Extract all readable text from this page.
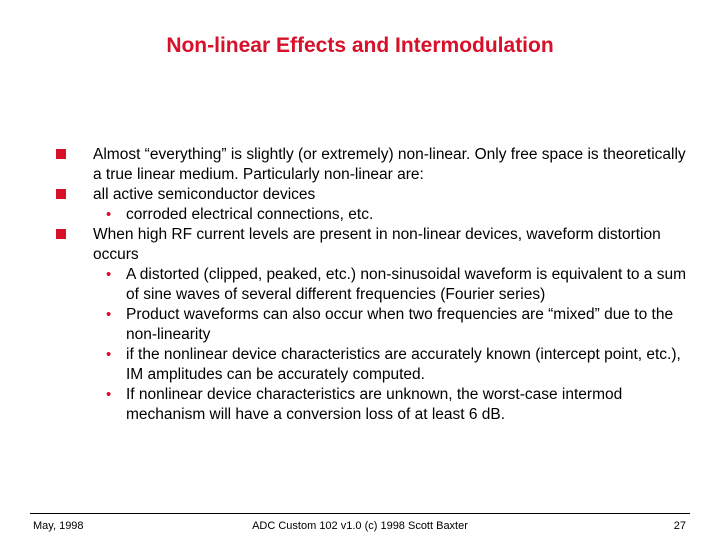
Non-linear Effects and Intermodulation
Almost “everything” is slightly (or extremely) non-linear. Only free space is theoretically a true linear medium. Particularly non-linear are:
all active semiconductor devices
• corroded electrical connections, etc.
When high RF current levels are present in non-linear devices, waveform distortion occurs
• A distorted (clipped, peaked, etc.) non-sinusoidal waveform is equivalent to a sum of sine waves of several different frequencies (Fourier series)
• Product waveforms can also occur when two frequencies are “mixed” due to the non-linearity
• if the nonlinear device characteristics are accurately known (intercept point, etc.), IM amplitudes can be accurately computed.
• If nonlinear device characteristics are unknown, the worst-case intermod mechanism will have a conversion loss of at least 6 dB.
May, 1998	ADC Custom 102 v1.0 (c) 1998 Scott Baxter	27
